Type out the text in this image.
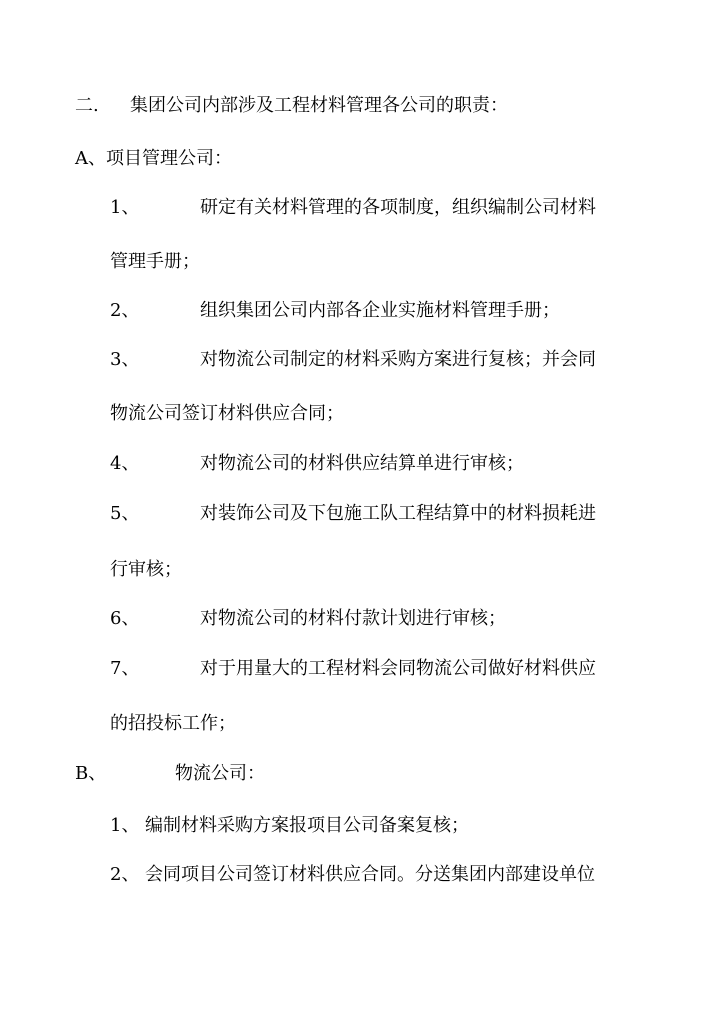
二. 集团公司内部涉及工程材料管理各公司的职责：
A、项目管理公司：
1、	研定有关材料管理的各项制度，组织编制公司材料
管理手册；
2、	组织集团公司内部各企业实施材料管理手册；
3、	对物流公司制定的材料采购方案进行复核；并会同
物流公司签订材料供应合同；
4、	对物流公司的材料供应结算单进行审核；
5、	对装饰公司及下包施工队工程结算中的材料损耗进
行审核；
6、	对物流公司的材料付款计划进行审核；
7、	对于用量大的工程材料会同物流公司做好材料供应
的招投标工作；
B、	物流公司：
1、 编制材料采购方案报项目公司备案复核；
2、 会同项目公司签订材料供应合同。分送集团内部建设单位
